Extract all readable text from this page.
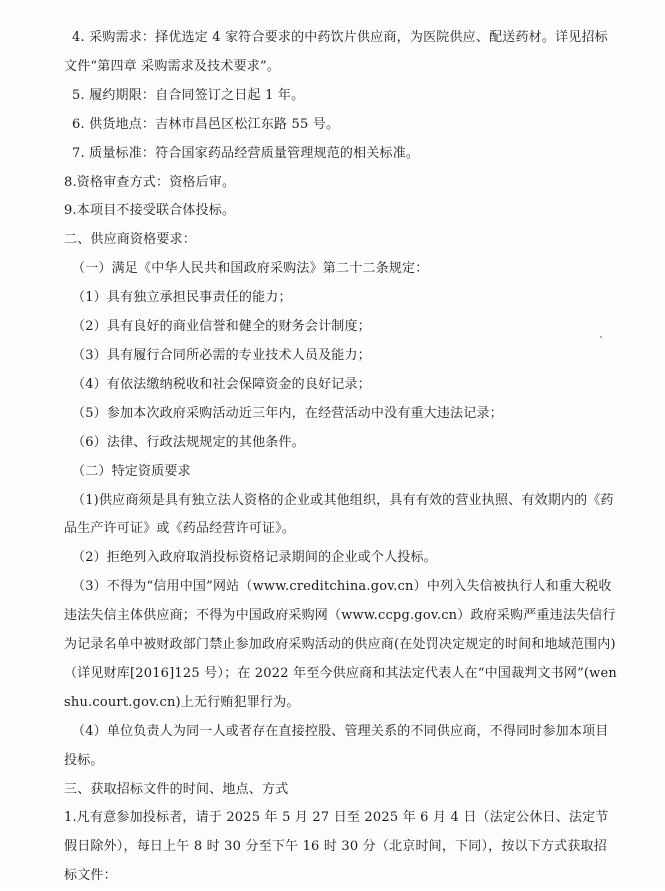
4. 采购需求：择优选定 4 家符合要求的中药饮片供应商，为医院供应、配送药材。详见招标文件“第四章 采购需求及技术要求”。

5. 履约期限：自合同签订之日起 1 年。

6. 供货地点：吉林市昌邑区松江东路 55 号。

7. 质量标准：符合国家药品经营质量管理规范的相关标准。

8.资格审查方式：资格后审。

9.本项目不接受联合体投标。

二、供应商资格要求：

（一）满足《中华人民共和国政府采购法》第二十二条规定：

（1）具有独立承担民事责任的能力；

（2）具有良好的商业信誉和健全的财务会计制度；

（3）具有履行合同所必需的专业技术人员及能力；

（4）有依法缴纳税收和社会保障资金的良好记录；

（5）参加本次政府采购活动近三年内，在经营活动中没有重大违法记录；

（6）法律、行政法规规定的其他条件。

（二）特定资质要求

（1)供应商须是具有独立法人资格的企业或其他组织，具有有效的营业执照、有效期内的《药品生产许可证》或《药品经营许可证》。

（2）拒绝列入政府取消投标资格记录期间的企业或个人投标。

（3）不得为“信用中国”网站（www.creditchina.gov.cn）中列入失信被执行人和重大税收违法失信主体供应商；不得为中国政府采购网（www.ccpg.gov.cn）政府采购严重违法失信行为记录名单中被财政部门禁止参加政府采购活动的供应商(在处罚决定规定的时间和地域范围内)（详见财库[2016]125 号）；在 2022 年至今供应商和其法定代表人在“中国裁判文书网”(wenshu.court.gov.cn)上无行贿犯罪行为。

（4）单位负责人为同一人或者存在直接控股、管理关系的不同供应商，不得同时参加本项目投标。

三、获取招标文件的时间、地点、方式

1.凡有意参加投标者，请于 2025 年 5 月 27 日至 2025 年 6 月 4 日（法定公休日、法定节假日除外），每日上午 8 时 30 分至下午 16 时 30 分（北京时间，下同），按以下方式获取招标文件：
